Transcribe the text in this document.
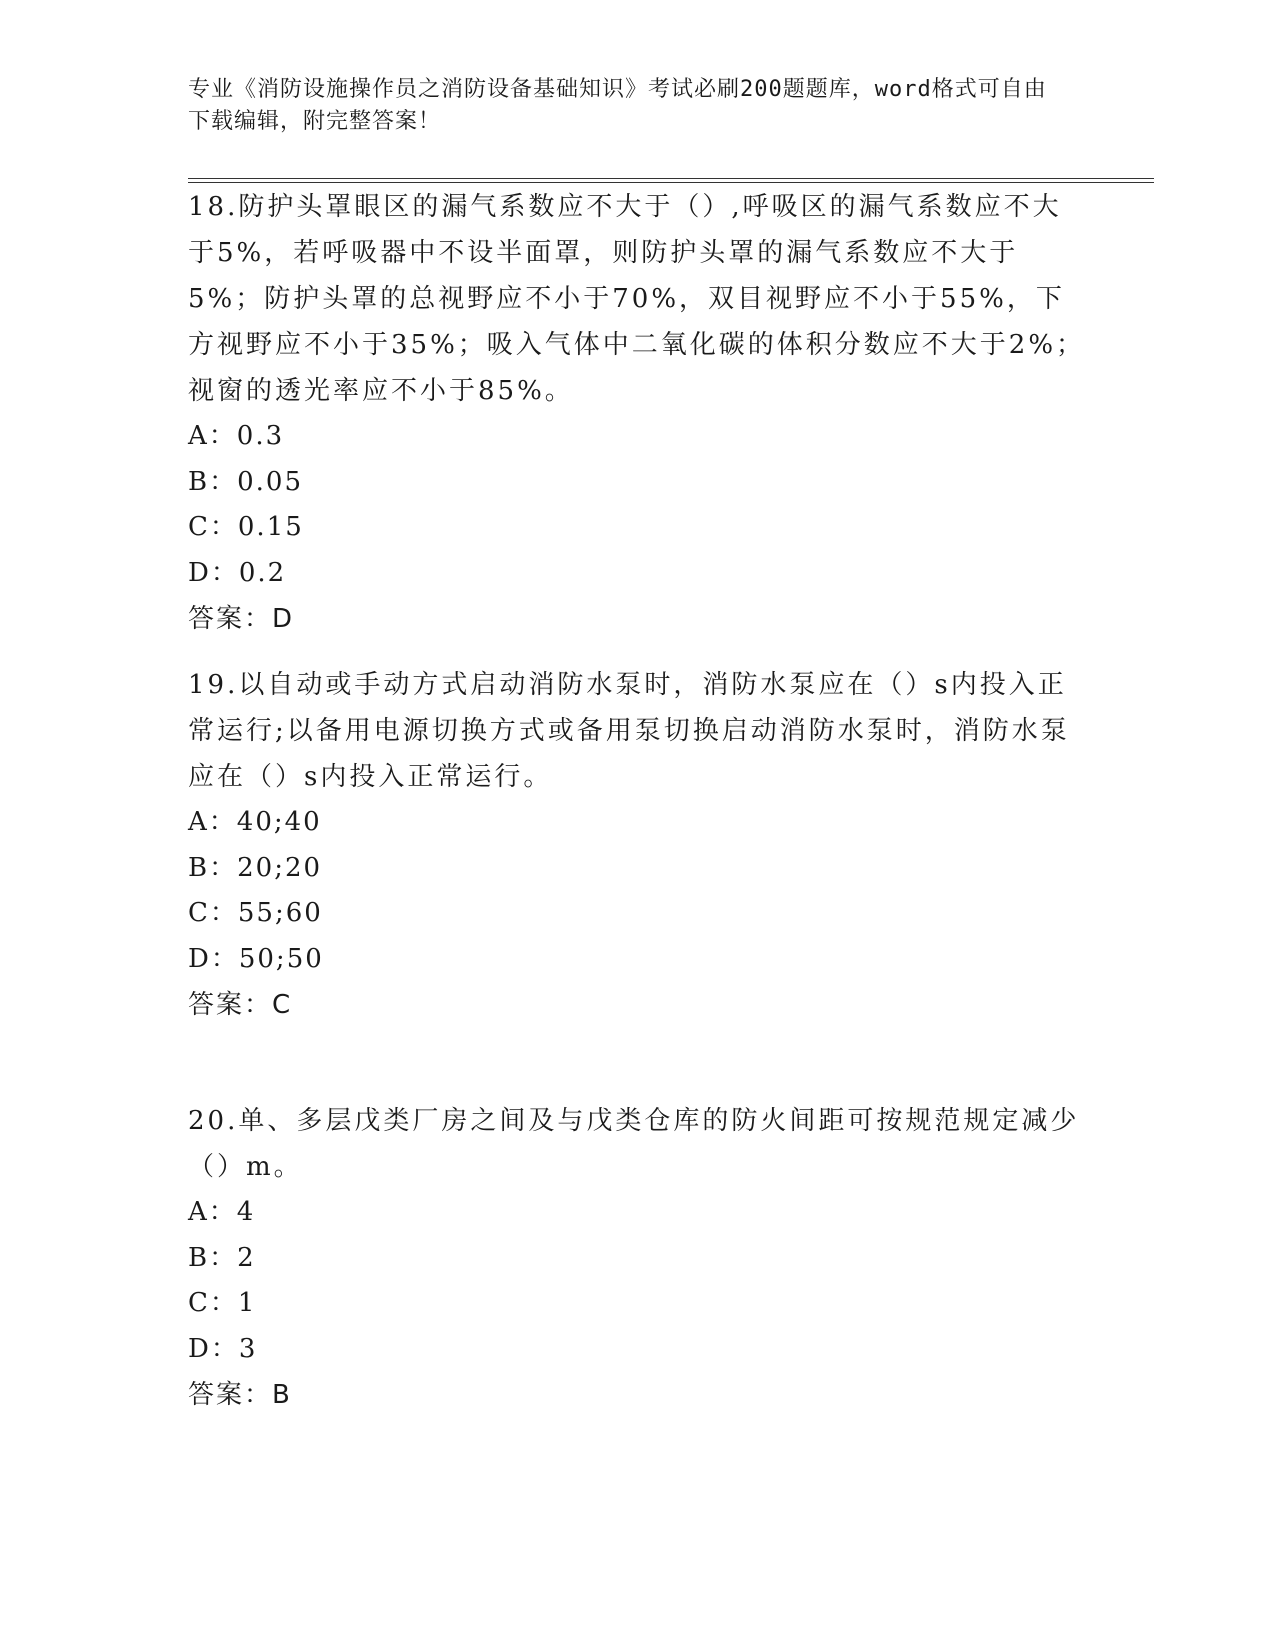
专业《消防设施操作员之消防设备基础知识》考试必刷200题题库，word格式可自由下载编辑，附完整答案！

18.防护头罩眼区的漏气系数应不大于（）,呼吸区的漏气系数应不大于5%，若呼吸器中不设半面罩，则防护头罩的漏气系数应不大于5%；防护头罩的总视野应不小于70%，双目视野应不小于55%，下方视野应不小于35%；吸入气体中二氧化碳的体积分数应不大于2%；视窗的透光率应不小于85%。

A：0.3

B：0.05

C：0.15

D：0.2

答案：D

19.以自动或手动方式启动消防水泵时，消防水泵应在（）s内投入正常运行;以备用电源切换方式或备用泵切换启动消防水泵时，消防水泵应在（）s内投入正常运行。

A：40;40

B：20;20

C：55;60

D：50;50

答案：C

20.单、多层戊类厂房之间及与戊类仓库的防火间距可按规范规定减少（）m。

A：4

B：2

C：1

D：3

答案：B
